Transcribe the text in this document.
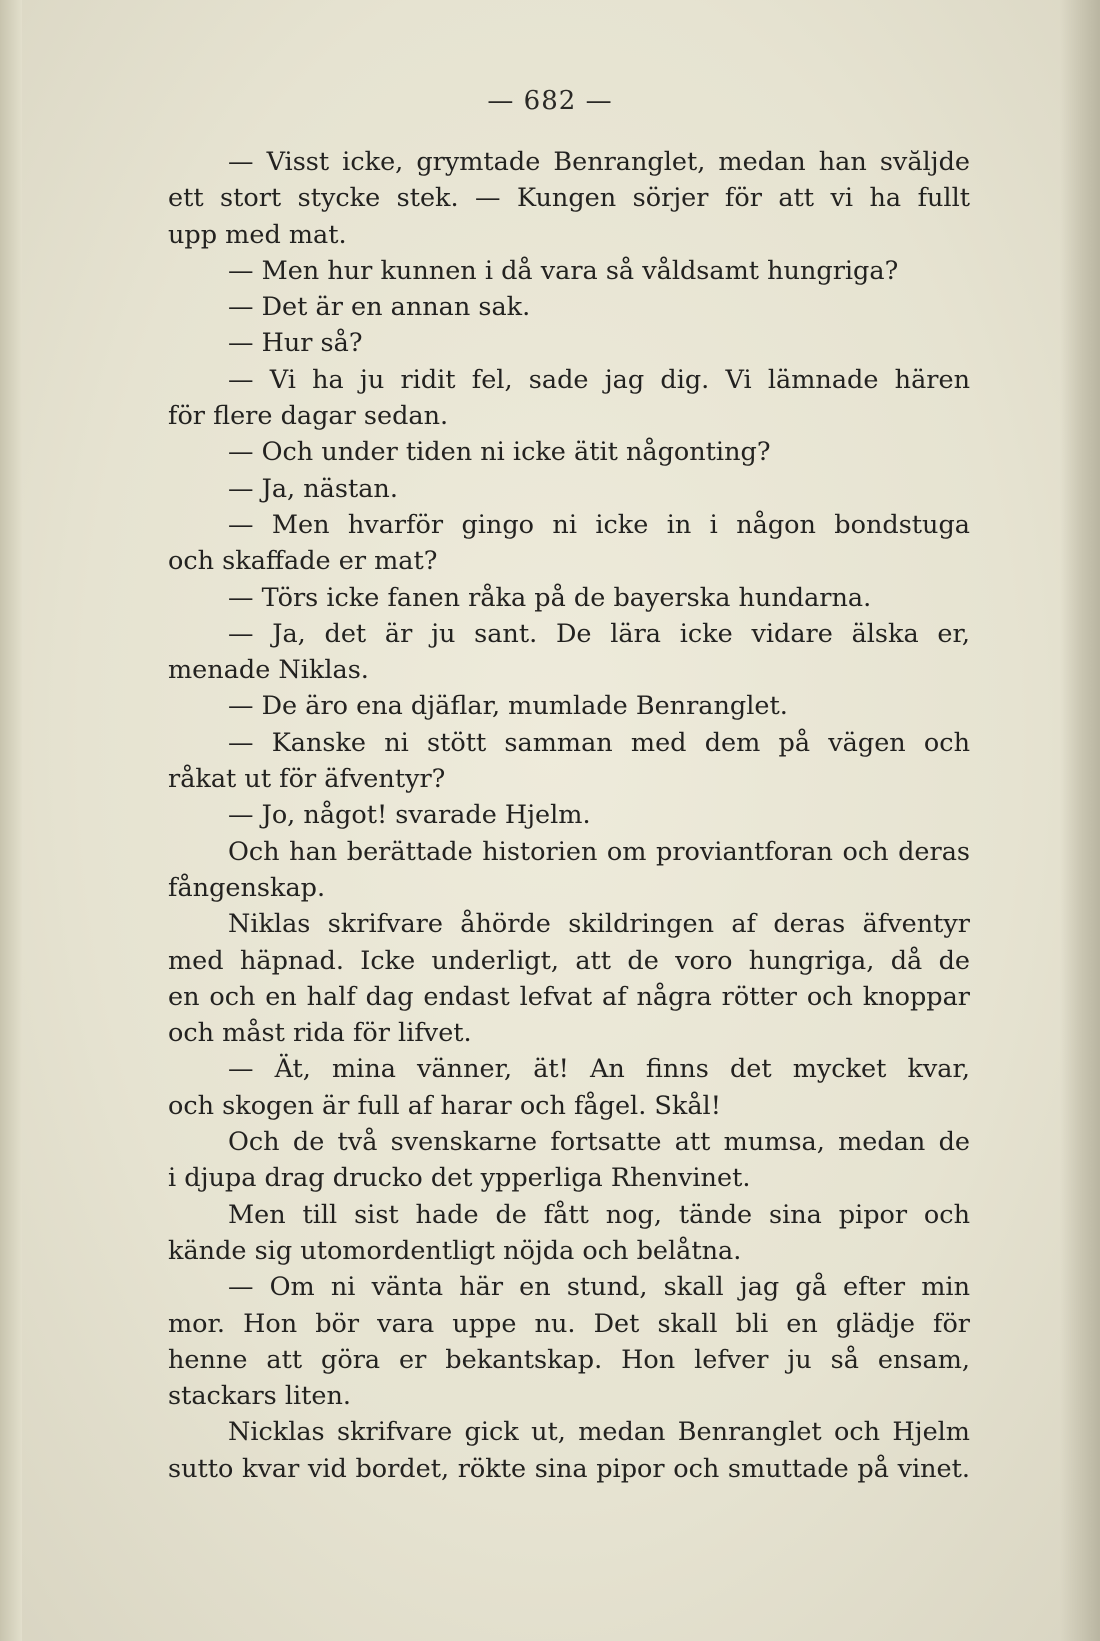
— 682 —
— Visst icke, grymtade Benranglet, medan han svăljde
ett stort stycke stek. — Kungen sörjer för att vi ha fullt
upp med mat.
— Men hur kunnen i då vara så våldsamt hungriga?
— Det är en annan sak.
— Hur så?
— Vi ha ju ridit fel, sade jag dig. Vi lämnade hären
för flere dagar sedan.
— Och under tiden ni icke ätit någonting?
— Ja, nästan.
— Men hvarför gingo ni icke in i någon bondstuga
och skaffade er mat?
— Törs icke fanen råka på de bayerska hundarna.
— Ja, det är ju sant. De lära icke vidare älska er,
menade Niklas.
— De äro ena djäflar, mumlade Benranglet.
— Kanske ni stött samman med dem på vägen och
råkat ut för äfventyr?
— Jo, något! svarade Hjelm.
Och han berättade historien om proviantforan och deras
fångenskap.
Niklas skrifvare åhörde skildringen af deras äfventyr
med häpnad. Icke underligt, att de voro hungriga, då de
en och en half dag endast lefvat af några rötter och knoppar
och måst rida för lifvet.
— Ät, mina vänner, ät! An finns det mycket kvar,
och skogen är full af harar och fågel. Skål!
Och de två svenskarne fortsatte att mumsa, medan de
i djupa drag drucko det ypperliga Rhenvinet.
Men till sist hade de fått nog, tände sina pipor och
kände sig utomordentligt nöjda och belåtna.
— Om ni vänta här en stund, skall jag gå efter min
mor. Hon bör vara uppe nu. Det skall bli en glädje för
henne att göra er bekantskap. Hon lefver ju så ensam,
stackars liten.
Nicklas skrifvare gick ut, medan Benranglet och Hjelm
sutto kvar vid bordet, rökte sina pipor och smuttade på vinet.
